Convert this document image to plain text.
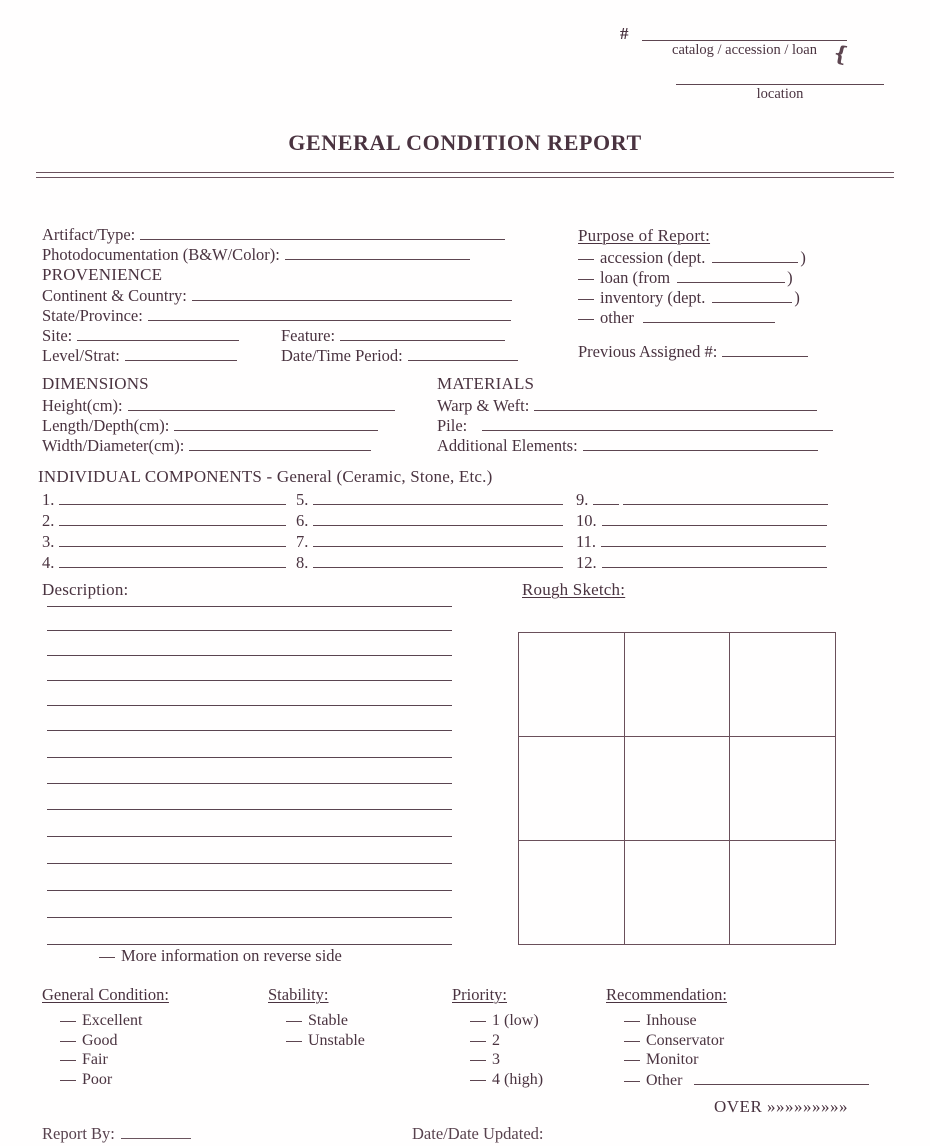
#
catalog / accession / loan ❴
location
GENERAL CONDITION REPORT
Artifact/Type:
Photodocumentation (B&W/Color):
PROVENIENCE
Continent & Country:
State/Province:
Site:	Feature:
Level/Strat:	Date/Time Period:
Purpose of Report:
accession (dept.	)
loan (from	)
inventory (dept.	)
other
Previous Assigned #:
DIMENSIONS
Height(cm):
Length/Depth(cm):
Width/Diameter(cm):
MATERIALS
Warp & Weft:
Pile:
Additional Elements:
INDIVIDUAL COMPONENTS - General (Ceramic, Stone, Etc.)
1.
2.
3.
4.
5.
6.
7.
8.
9.
10.
11.
12.
Description:	Rough Sketch:
More information on reverse side
General Condition:
Excellent
Good
Fair
Poor
Stability:
Stable
Unstable
Priority:
1 (low)
2
3
4 (high)
Recommendation:
Inhouse
Conservator
Monitor
Other
OVER »»»»»»»»»
Report By:	Date/Date Updated:
